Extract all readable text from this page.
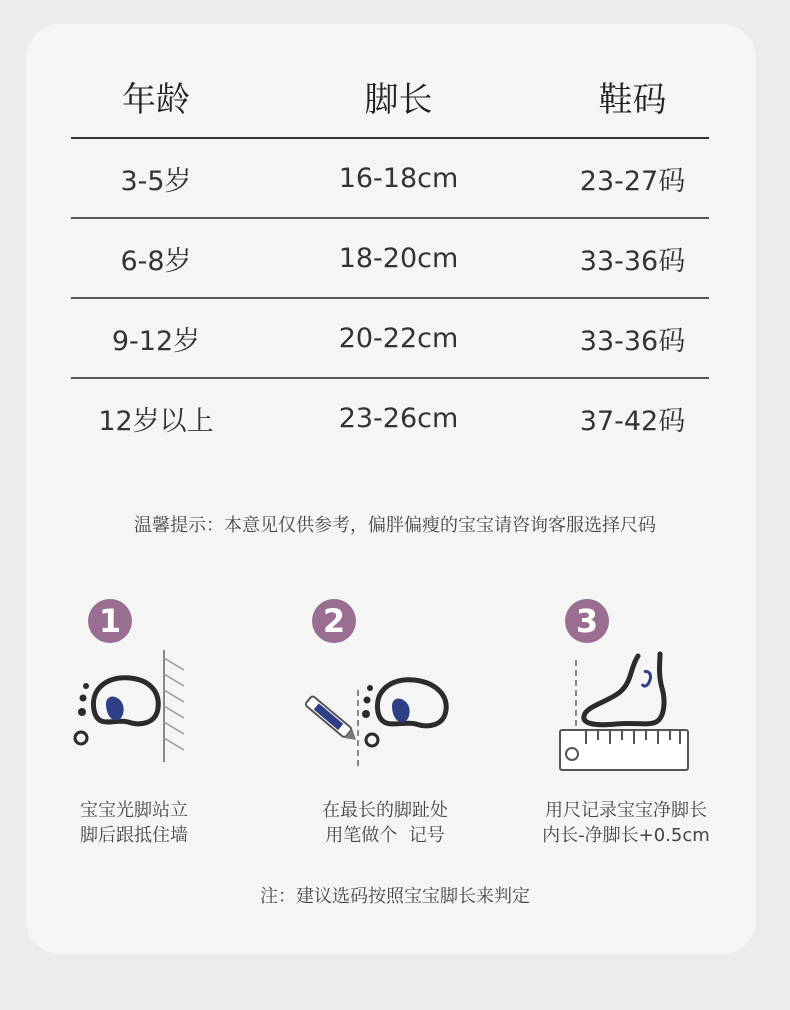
年龄	脚长	鞋码
3-5岁	16-18cm	23-27码
6-8岁	18-20cm	33-36码
9-12岁	20-22cm	33-36码
12岁以上	23-26cm	37-42码
温馨提示：本意见仅供参考，偏胖偏瘦的宝宝请咨询客服选择尺码
1
宝宝光脚站立
脚后跟抵住墙
2
在最长的脚趾处
用笔做个  记号
3
用尺记录宝宝净脚长
内长-净脚长+0.5cm
注：建议选码按照宝宝脚长来判定
